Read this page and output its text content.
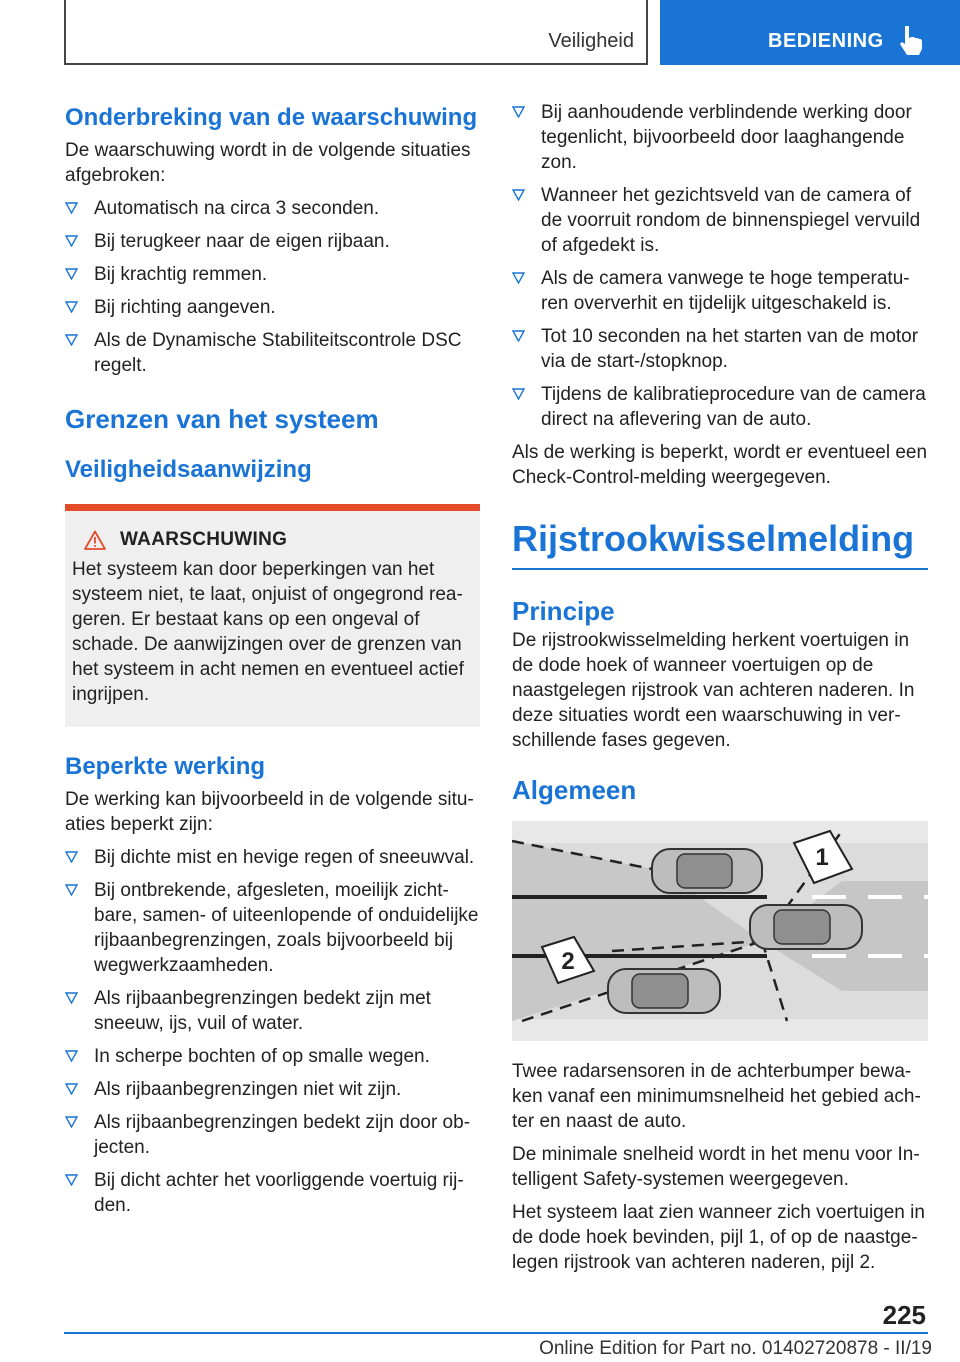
Veiligheid	BEDIENING
Onderbreking van de waarschuwing

De waarschuwing wordt in de volgende situaties afgebroken:

Automatisch na circa 3 seconden.
Bij terugkeer naar de eigen rijbaan.
Bij krachtig remmen.
Bij richting aangeven.
Als de Dynamische Stabiliteitscontrole DSC regelt.
Grenzen van het systeem
Veiligheidsaanwijzing
WAARSCHUWING

Het systeem kan door beperkingen van het systeem niet, te laat, onjuist of ongegrond reageren. Er bestaat kans op een ongeval of schade. De aanwijzingen over de grenzen van het systeem in acht nemen en eventueel actief ingrijpen.

Beperkte werking

De werking kan bijvoorbeeld in de volgende situaties beperkt zijn:

Bij dichte mist en hevige regen of sneeuwval.
Bij ontbrekende, afgesleten, moeilijk zichtbare, samen- of uiteenlopende of onduidelijke rijbaanbegrenzingen, zoals bijvoorbeeld bij wegwerkzaamheden.
Als rijbaanbegrenzingen bedekt zijn met sneeuw, ijs, vuil of water.
In scherpe bochten of op smalle wegen.
Als rijbaanbegrenzingen niet wit zijn.
Als rijbaanbegrenzingen bedekt zijn door objecten.
Bij dicht achter het voorliggende voertuig rijden.
Bij aanhoudende verblindende werking door tegenlicht, bijvoorbeeld door laaghangende zon.
Wanneer het gezichtsveld van de camera of de voorruit rondom de binnenspiegel vervuild of afgedekt is.
Als de camera vanwege te hoge temperaturen oververhit en tijdelijk uitgeschakeld is.
Tot 10 seconden na het starten van de motor via de start-/stopknop.
Tijdens de kalibratieprocedure van de camera direct na aflevering van de auto.

Als de werking is beperkt, wordt er eventueel een Check-Control-melding weergegeven.

Rijstrookwisselmelding
Principe

De rijstrookwisselmelding herkent voertuigen in de dode hoek of wanneer voertuigen op de naastgelegen rijstrook van achteren naderen. In deze situaties wordt een waarschuwing in verschillende fases gegeven.

Algemeen
1
2

Twee radarsensoren in de achterbumper bewaken vanaf een minimumsnelheid het gebied achter en naast de auto.

De minimale snelheid wordt in het menu voor Intelligent Safety-systemen weergegeven.

Het systeem laat zien wanneer zich voertuigen in de dode hoek bevinden, pijl 1, of op de naastgelegen rijstrook van achteren naderen, pijl 2.

225
Online Edition for Part no. 01402720878 - II/19
